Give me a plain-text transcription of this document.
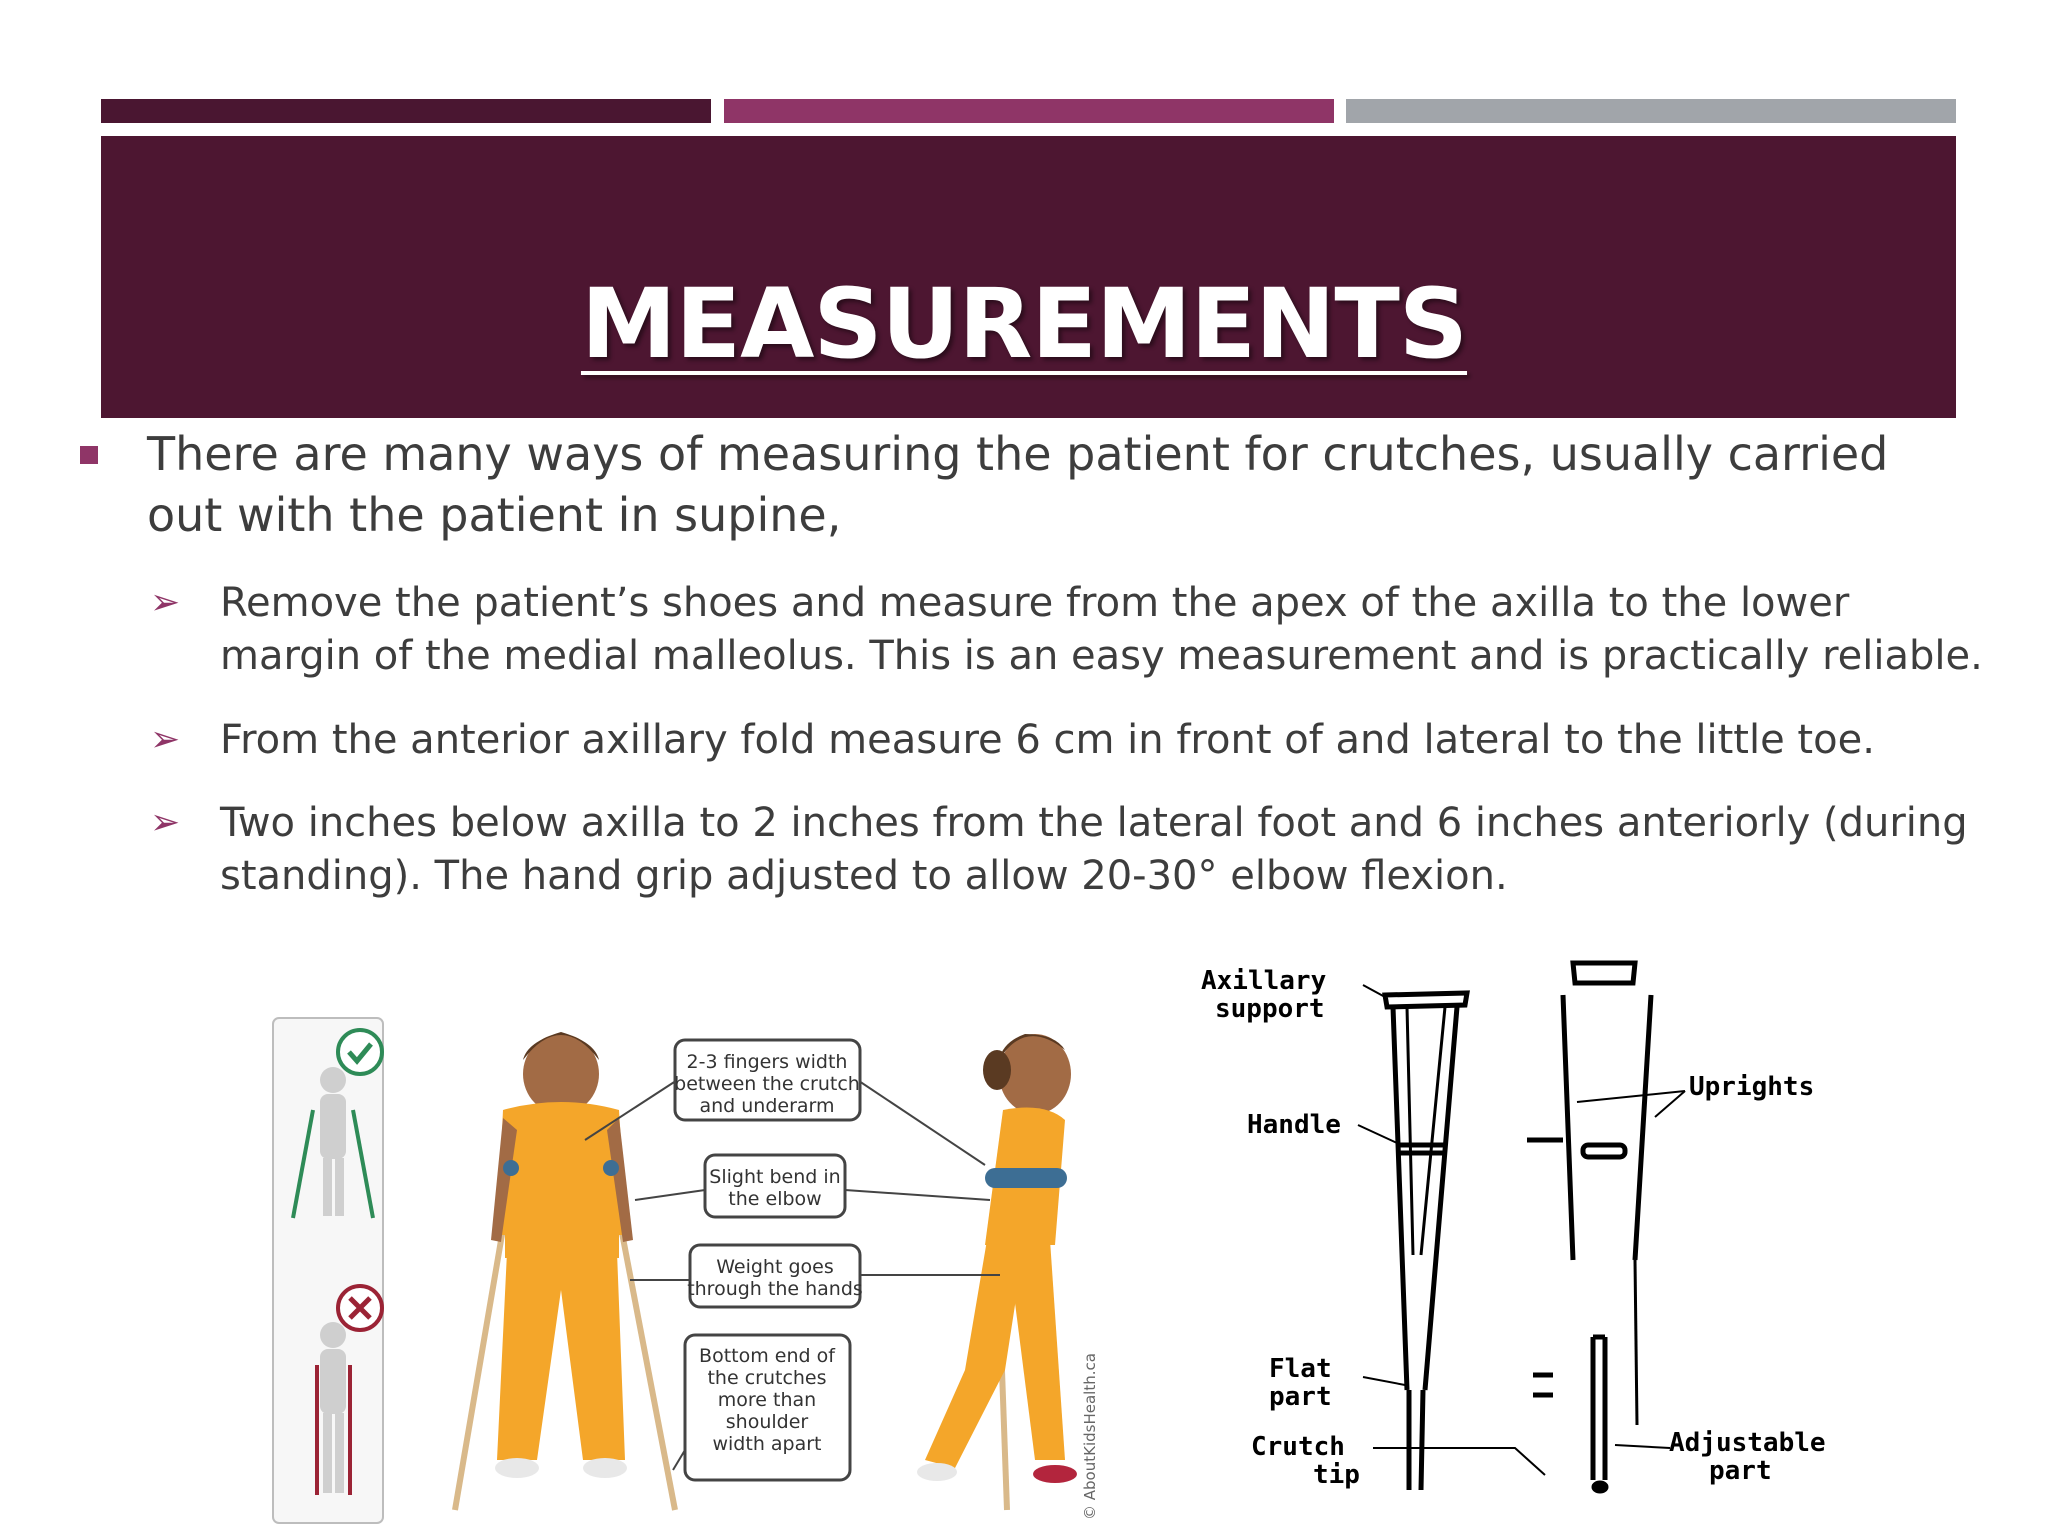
MEASUREMENTS
There are many ways of measuring the patient for crutches, usually carried out with the patient in supine,
➢ Remove the patient’s shoes and measure from the apex of the axilla to the lower margin of the medial malleolus. This is an easy measurement and is practically reliable.
➢ From the anterior axillary fold measure 6 cm in front of and lateral to the little toe.
➢ Two inches below axilla to 2 inches from the lateral foot and 6 inches anteriorly (during standing). The hand grip adjusted to allow 20-30° elbow flexion.
2-3 fingers width
between the crutch
and underarm
Slight bend in
the elbow
Weight goes
through the hands
Bottom end of
the crutches
more than
shoulder
width apart	© AboutKidsHealth.ca
Axillary
support
Handle
Uprights
Flat
part
Crutch
tip
Adjustable
part
